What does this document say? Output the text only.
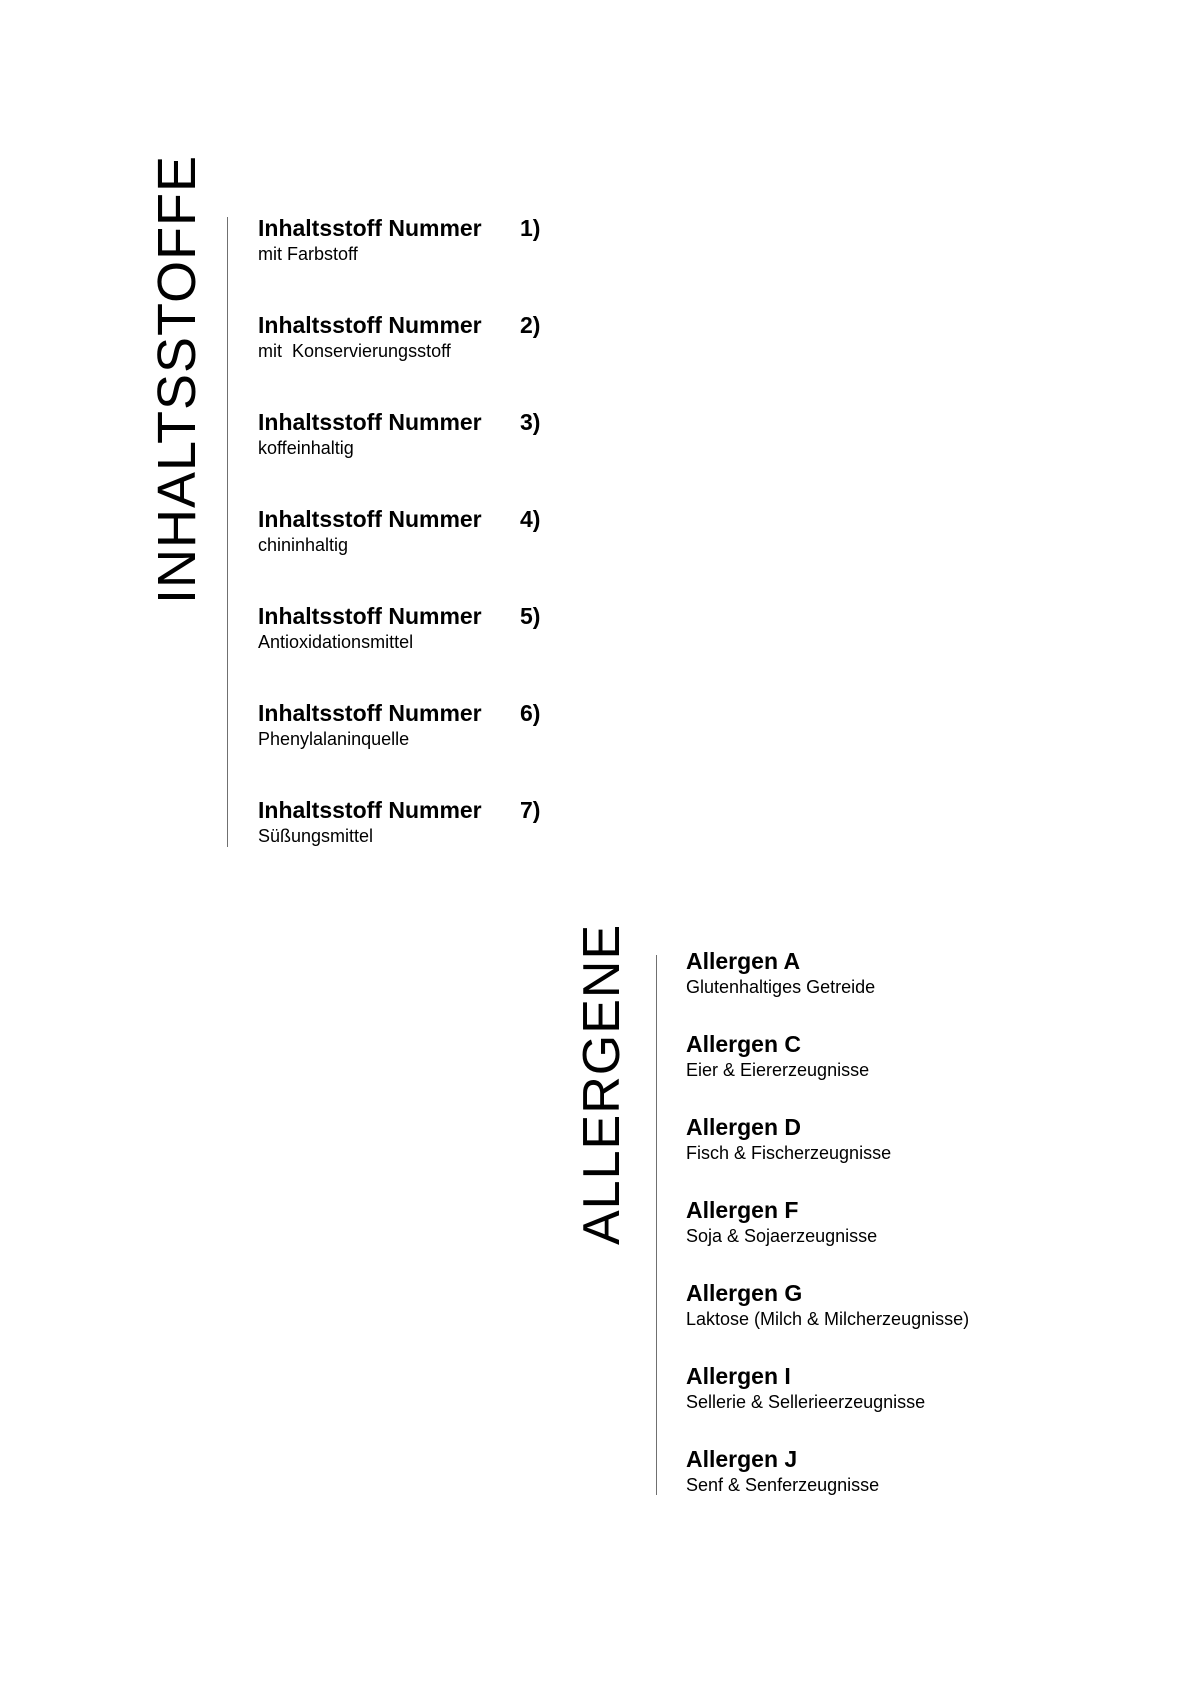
INHALTSSTOFFE Inhaltsstoff Nummer 1)
mit Farbstoff
Inhaltsstoff Nummer 2)
mit  Konservierungsstoff
Inhaltsstoff Nummer 3)
koffeinhaltig
Inhaltsstoff Nummer 4)
chininhaltig
Inhaltsstoff Nummer 5)
Antioxidationsmittel
Inhaltsstoff Nummer 6)
Phenylalaninquelle
Inhaltsstoff Nummer 7)
Süßungsmittel
ALLERGENE Allergen A
Glutenhaltiges Getreide
Allergen C
Eier & Eiererzeugnisse
Allergen D
Fisch & Fischerzeugnisse
Allergen F
Soja & Sojaerzeugnisse
Allergen G
Laktose (Milch & Milcherzeugnisse)
Allergen I
Sellerie & Sellerieerzeugnisse
Allergen J
Senf & Senferzeugnisse
